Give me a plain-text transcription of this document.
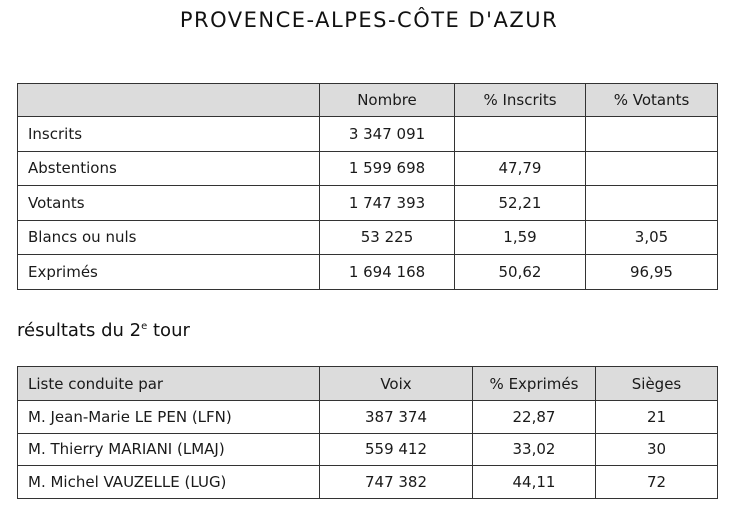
PROVENCE-ALPES-CÔTE D'AZUR
	Nombre	% Inscrits	% Votants
Inscrits	3 347 091		
Abstentions	1 599 698	47,79	
Votants	1 747 393	52,21	
Blancs ou nuls	53 225	1,59	3,05
Exprimés	1 694 168	50,62	96,95
résultats du 2e tour
Liste conduite par	Voix	% Exprimés	Sièges
M. Jean-Marie LE PEN (LFN)	387 374	22,87	21
M. Thierry MARIANI (LMAJ)	559 412	33,02	30
M. Michel VAUZELLE (LUG)	747 382	44,11	72
